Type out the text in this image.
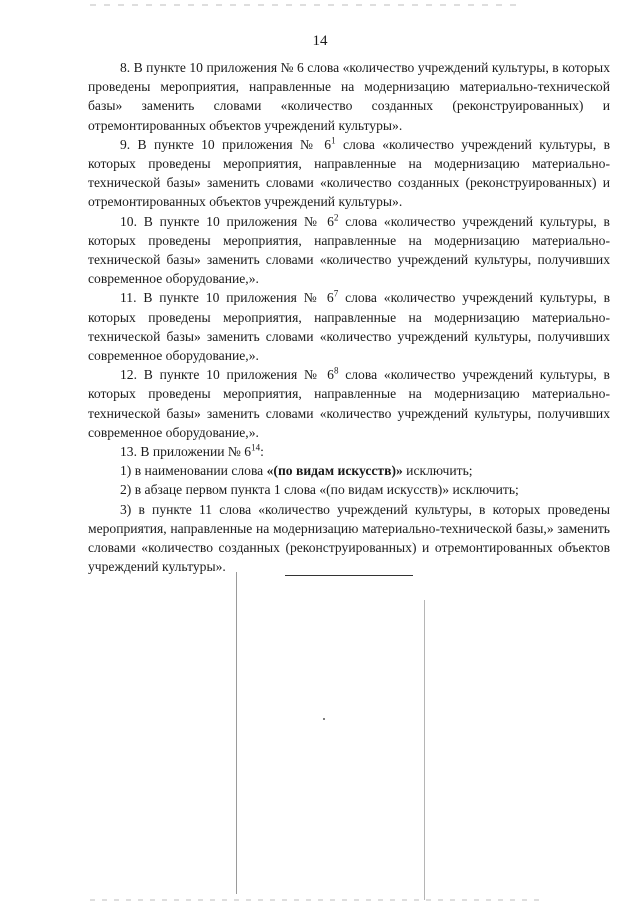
14

8. В пункте 10 приложения № 6 слова «количество учреждений культуры, в которых проведены мероприятия, направленные на модернизацию материально-технической базы» заменить словами «количество созданных (реконструированных) и отремонтированных объектов учреждений культуры».

9. В пункте 10 приложения № $6^1$ слова «количество учреждений культуры, в которых проведены мероприятия, направленные на модернизацию материально-технической базы» заменить словами «количество созданных (реконструированных) и отремонтированных объектов учреждений культуры».

10. В пункте 10 приложения № $6^2$ слова «количество учреждений культуры, в которых проведены мероприятия, направленные на модернизацию материально-технической базы» заменить словами «количество учреждений культуры, получивших современное оборудование,».

11. В пункте 10 приложения № $6^7$ слова «количество учреждений культуры, в которых проведены мероприятия, направленные на модернизацию материально-технической базы» заменить словами «количество учреждений культуры, получивших современное оборудование,».

12. В пункте 10 приложения № $6^8$ слова «количество учреждений культуры, в которых проведены мероприятия, направленные на модернизацию материально-технической базы» заменить словами «количество учреждений культуры, получивших современное оборудование,».

13. В приложении № $6^{14}$:

1) в наименовании слова «(по видам искусств)» исключить;

2) в абзаце первом пункта 1 слова «(по видам искусств)» исключить;

3) в пункте 11 слова «количество учреждений культуры, в которых проведены мероприятия, направленные на модернизацию материально-технической базы,» заменить словами «количество созданных (реконструированных) и отремонтированных объектов учреждений культуры».
